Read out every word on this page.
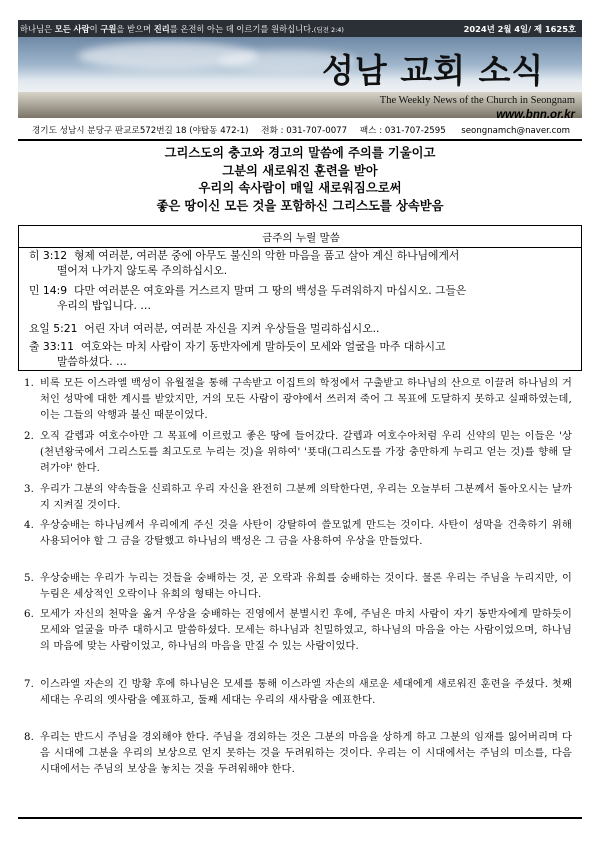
하나님은 모든 사람이 구원을 받으며 진리를 온전히 아는 데 이르기를 원하십니다.(딤전 2:4)	2024년 2월 4일/ 제 1625호
성남 교회 소식
The Weekly News of the Church in Seongnam
www.bnn.or.kr
경기도 성남시 분당구 판교로572번길 18 (야탑동 472-1) 전화 : 031-707-0077 팩스 : 031-707-2595 seongnamch@naver.com
그리스도의 충고와 경고의 말씀에 주의를 기울이고
그분의 새로워진 훈련을 받아
우리의 속사람이 매일 새로워짐으로써
좋은 땅이신 모든 것을 포함하신 그리스도를 상속받음
금주의 누릴 말씀
히 3:12 형제 여러분, 여러분 중에 아무도 불신의 악한 마음을 품고 살아 계신 하나님에게서
떨어져 나가지 않도록 주의하십시오.
민 14:9 다만 여러분은 여호와를 거스르지 말며 그 땅의 백성을 두려워하지 마십시오. 그들은
우리의 밥입니다. …
요일 5:21 어린 자녀 여러분, 여러분 자신을 지켜 우상들을 멀리하십시오..
출 33:11 여호와는 마치 사람이 자기 동반자에게 말하듯이 모세와 얼굴을 마주 대하시고
말씀하셨다. …
1. 비록 모든 이스라엘 백성이 유월절을 통해 구속받고 이집트의 학정에서 구출받고 하나님의 산으로 이끌려 하나님의 거처인 성막에 대한 계시를 받았지만, 거의 모든 사람이 광야에서 쓰러져 죽어 그 목표에 도달하지 못하고 실패하였는데, 이는 그들의 악행과 불신 때문이었다.
2. 오직 갈렙과 여호수아만 그 목표에 이르렀고 좋은 땅에 들어갔다. 갈렙과 여호수아처럼 우리 신약의 믿는 이들은 '상(천년왕국에서 그리스도를 최고도로 누리는 것)을 위하여' '푯대(그리스도를 가장 충만하게 누리고 얻는 것)를 향해 달려가야' 한다.
3. 우리가 그분의 약속들을 신뢰하고 우리 자신을 완전히 그분께 의탁한다면, 우리는 오늘부터 그분께서 돌아오시는 날까지 지켜질 것이다.
4. 우상숭배는 하나님께서 우리에게 주신 것을 사탄이 강탈하여 쓸모없게 만드는 것이다. 사탄이 성막을 건축하기 위해 사용되어야 할 그 금을 강탈했고 하나님의 백성은 그 금을 사용하여 우상을 만들었다.
5. 우상숭배는 우리가 누리는 것들을 숭배하는 것, 곧 오락과 유희를 숭배하는 것이다. 물론 우리는 주님을 누리지만, 이 누림은 세상적인 오락이나 유희의 형태는 아니다.
6. 모세가 자신의 천막을 옮겨 우상을 숭배하는 진영에서 분별시킨 후에, 주님은 마치 사람이 자기 동반자에게 말하듯이 모세와 얼굴을 마주 대하시고 말씀하셨다. 모세는 하나님과 친밀하였고, 하나님의 마음을 아는 사람이었으며, 하나님의 마음에 맞는 사람이었고, 하나님의 마음을 만질 수 있는 사람이었다.
7. 이스라엘 자손의 긴 방황 후에 하나님은 모세를 통해 이스라엘 자손의 새로운 세대에게 새로워진 훈련을 주셨다. 첫째 세대는 우리의 옛사람을 예표하고, 둘째 세대는 우리의 새사람을 예표한다.
8. 우리는 반드시 주님을 경외해야 한다. 주님을 경외하는 것은 그분의 마음을 상하게 하고 그분의 임재를 잃어버리며 다음 시대에 그분을 우리의 보상으로 얻지 못하는 것을 두려워하는 것이다. 우리는 이 시대에서는 주님의 미소를, 다음 시대에서는 주님의 보상을 놓치는 것을 두려워해야 한다.
